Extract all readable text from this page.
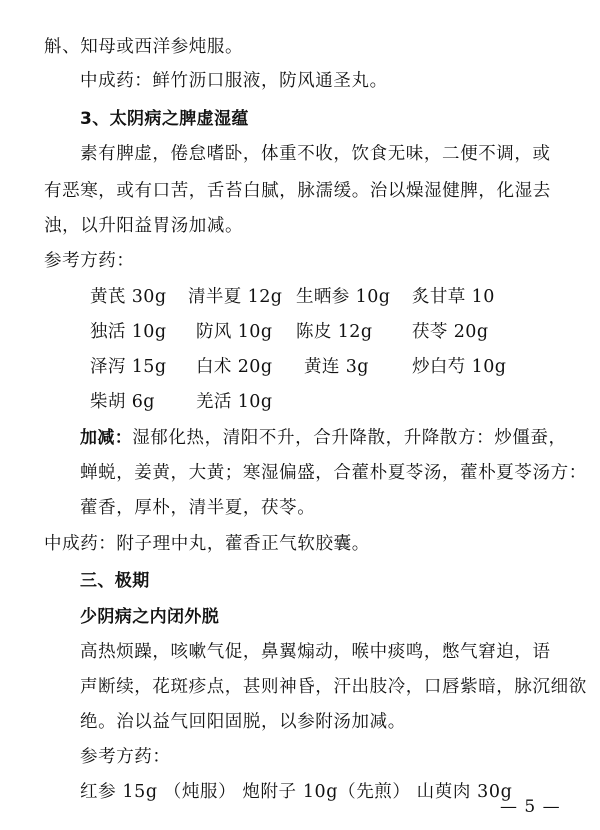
斛、知母或西洋参炖服。
中成药：鲜竹沥口服液，防风通圣丸。
3、太阴病之脾虚湿蕴
素有脾虚，倦怠嗜卧，体重不收，饮食无味，二便不调，或
有恶寒，或有口苦，舌苔白腻，脉濡缓。治以燥湿健脾，化湿去
浊，以升阳益胃汤加减。
参考方药：
黄芪 30g 清半夏 12g 生晒参 10g 炙甘草 10
独活 10g 防风 10g 陈皮 12g 茯苓 20g
泽泻 15g 白术 20g 黄连 3g 炒白芍 10g
柴胡 6g 羌活 10g
加减：湿郁化热，清阳不升，合升降散，升降散方：炒僵蚕，
蝉蜕，姜黄，大黄；寒湿偏盛，合藿朴夏苓汤，藿朴夏苓汤方：
藿香，厚朴，清半夏，茯苓。
中成药：附子理中丸，藿香正气软胶囊。
三、极期
少阴病之内闭外脱
高热烦躁，咳嗽气促，鼻翼煽动，喉中痰鸣，憋气窘迫，语
声断续，花斑疹点，甚则神昏，汗出肢冷，口唇紫暗，脉沉细欲
绝。治以益气回阳固脱，以参附汤加减。
参考方药：
红参 15g （炖服） 炮附子 10g（先煎） 山萸肉 30g
— 5 —
